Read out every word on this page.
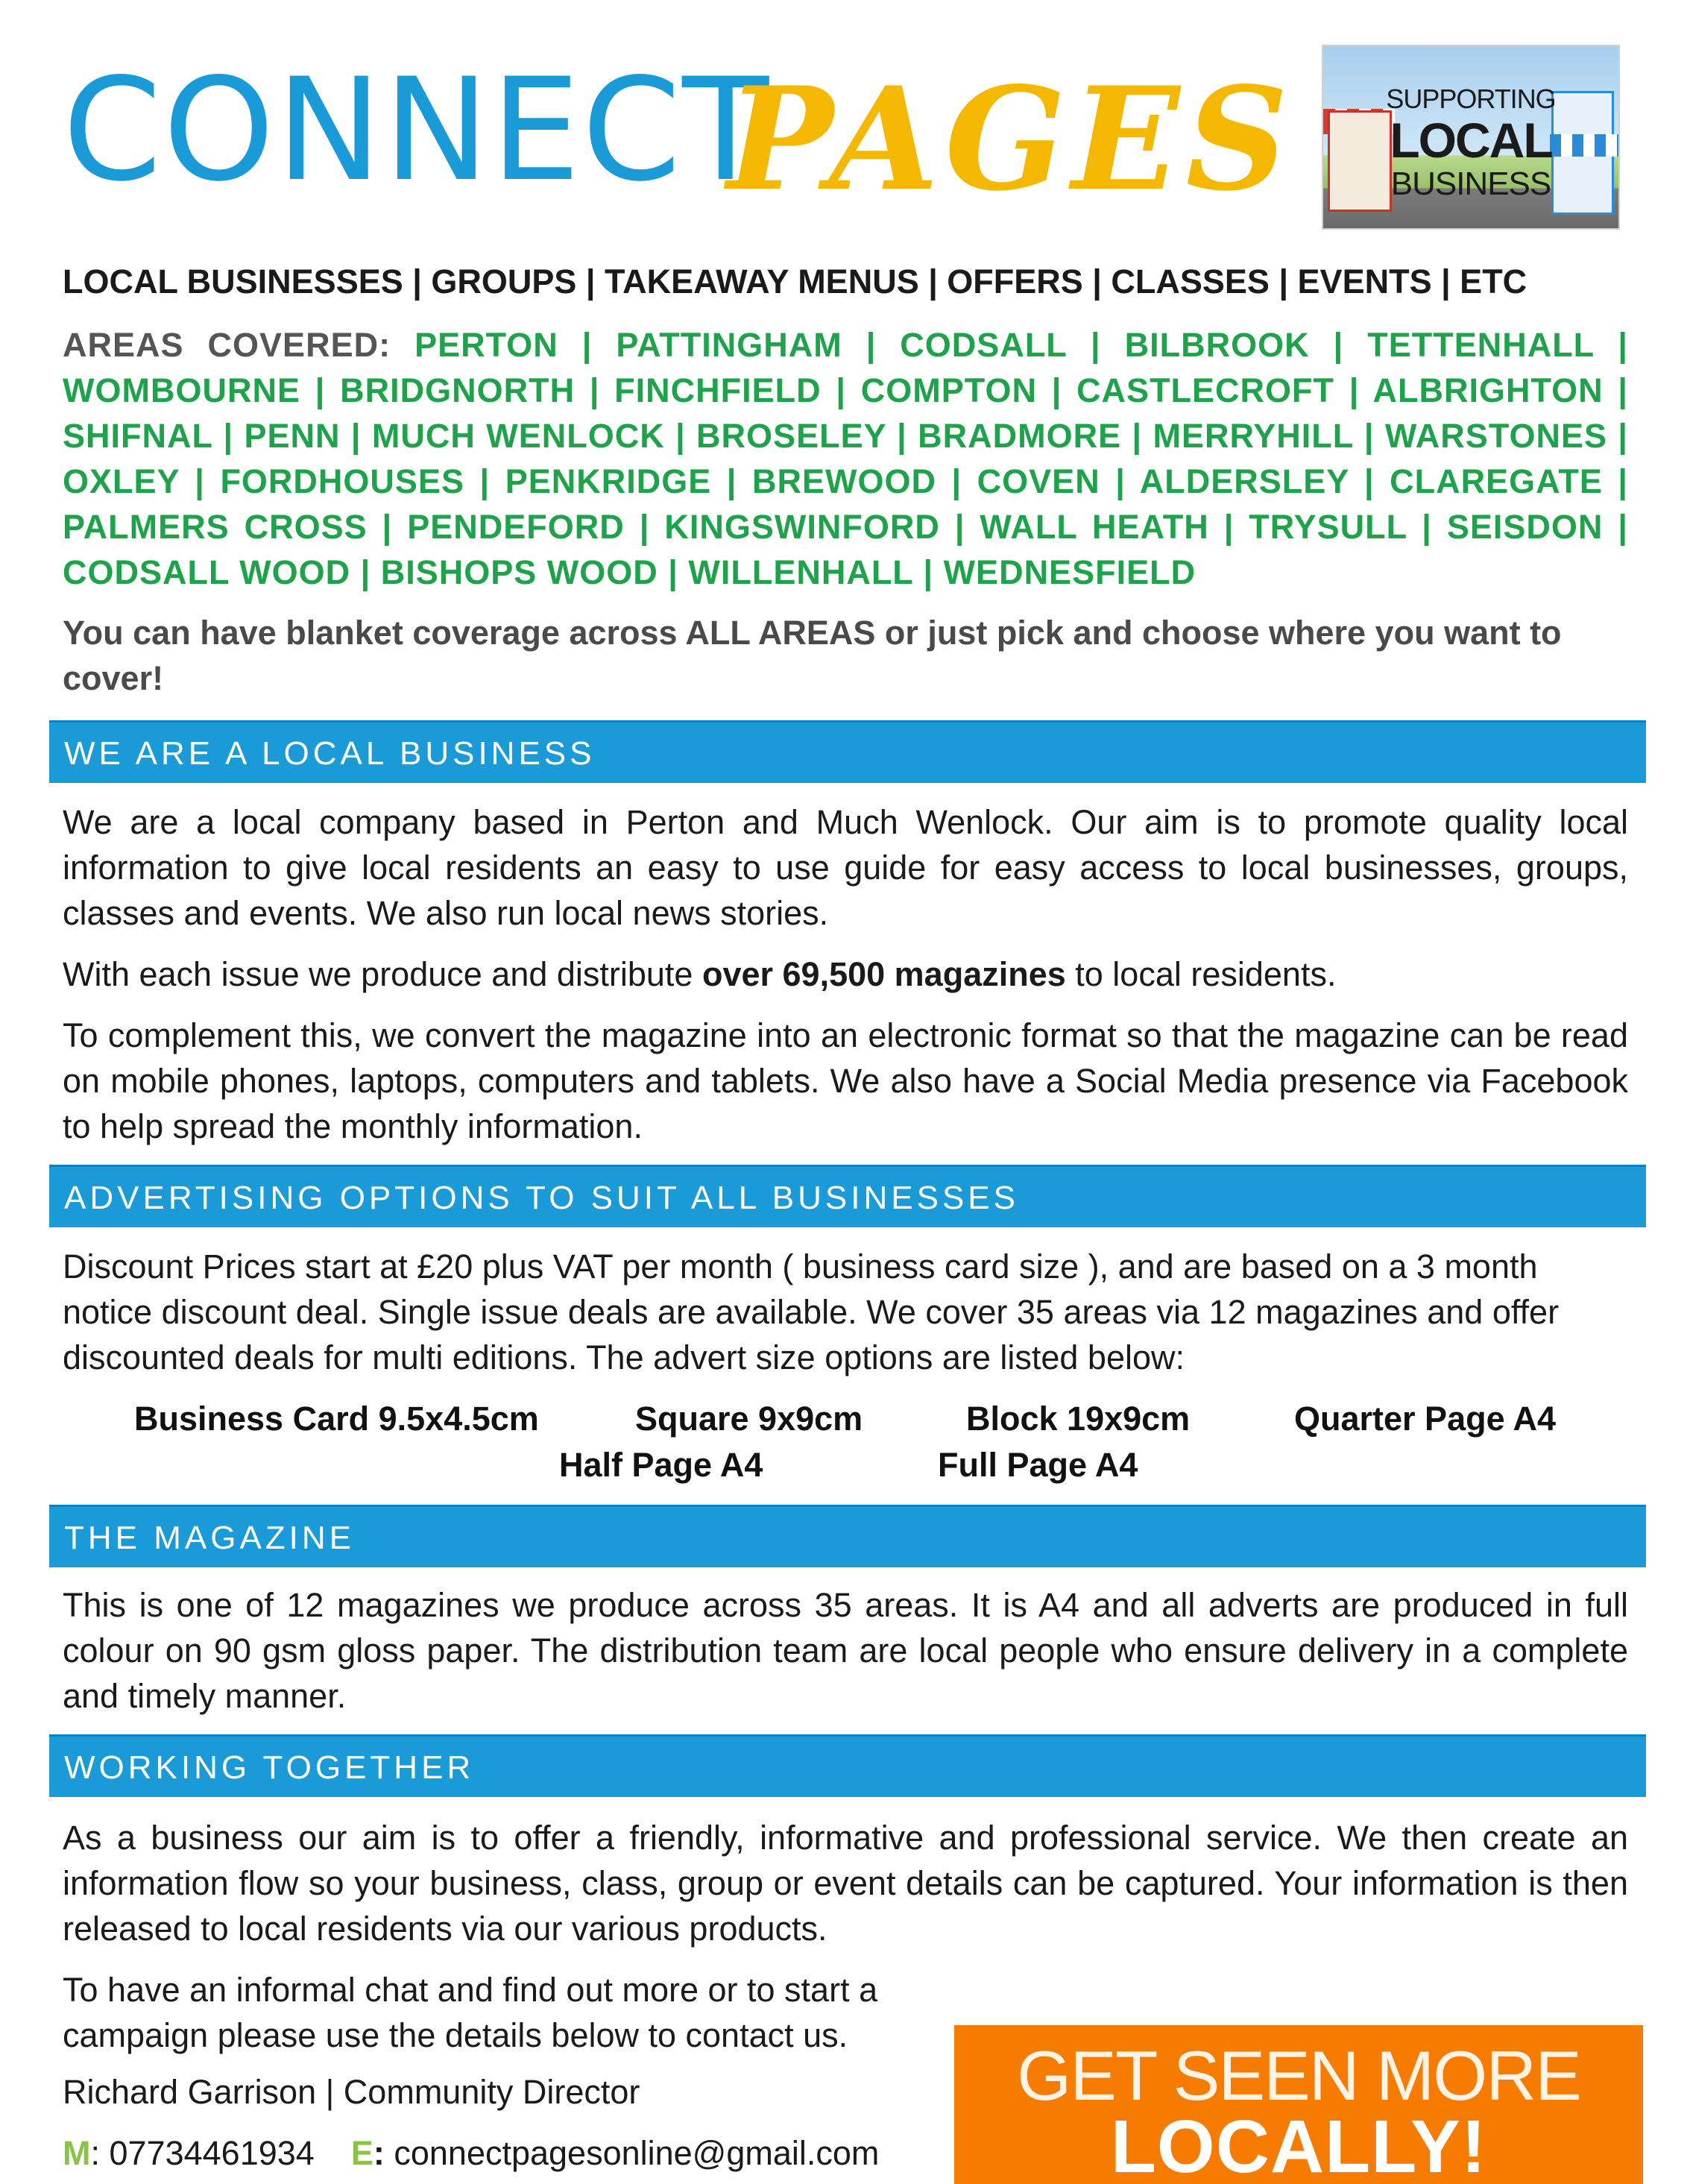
CONNECT
PAGES	SUPPORTING
LOCAL
BUSINESS
LOCAL BUSINESSES | GROUPS | TAKEAWAY MENUS | OFFERS | CLASSES | EVENTS | ETC
AREAS COVERED: PERTON | PATTINGHAM | CODSALL | BILBROOK | TETTENHALL | WOMBOURNE | BRIDGNORTH | FINCHFIELD | COMPTON | CASTLECROFT | ALBRIGHTON | SHIFNAL | PENN | MUCH WENLOCK | BROSELEY | BRADMORE | MERRYHILL | WARSTONES | OXLEY | FORDHOUSES | PENKRIDGE | BREWOOD | COVEN | ALDERSLEY | CLAREGATE | PALMERS CROSS | PENDEFORD | KINGSWINFORD | WALL HEATH | TRYSULL | SEISDON | CODSALL WOOD | BISHOPS WOOD | WILLENHALL | WEDNESFIELD
You can have blanket coverage across ALL AREAS or just pick and choose where you want to cover!
WE ARE A LOCAL BUSINESS
We are a local company based in Perton and Much Wenlock. Our aim is to promote quality local information to give local residents an easy to use guide for easy access to local businesses, groups, classes and events. We also run local news stories.
With each issue we produce and distribute over 69,500 magazines to local residents.
To complement this, we convert the magazine into an electronic format so that the magazine can be read on mobile phones, laptops, computers and tablets. We also have a Social Media presence via Facebook to help spread the monthly information.
ADVERTISING OPTIONS TO SUIT ALL BUSINESSES
Discount Prices start at £20 plus VAT per month ( business card size ), and are based on a 3 month notice discount deal. Single issue deals are available. We cover 35 areas via 12 magazines and offer discounted deals for multi editions. The advert size options are listed below:
Business Card 9.5x4.5cm	Square 9x9cm	Block 19x9cm	Quarter Page A4
Half Page A4	Full Page A4
THE MAGAZINE
This is one of 12 magazines we produce across 35 areas. It is A4 and all adverts are produced in full colour on 90 gsm gloss paper. The distribution team are local people who ensure delivery in a complete and timely manner.
WORKING TOGETHER
As a business our aim is to offer a friendly, informative and professional service. We then create an information flow so your business, class, group or event details can be captured. Your information is then released to local residents via our various products.
To have an informal chat and find out more or to start a campaign please use the details below to contact us.
Richard Garrison | Community Director
M: 07734461934 E: connectpagesonline@gmail.com
GET SEEN MORE
LOCALLY!
